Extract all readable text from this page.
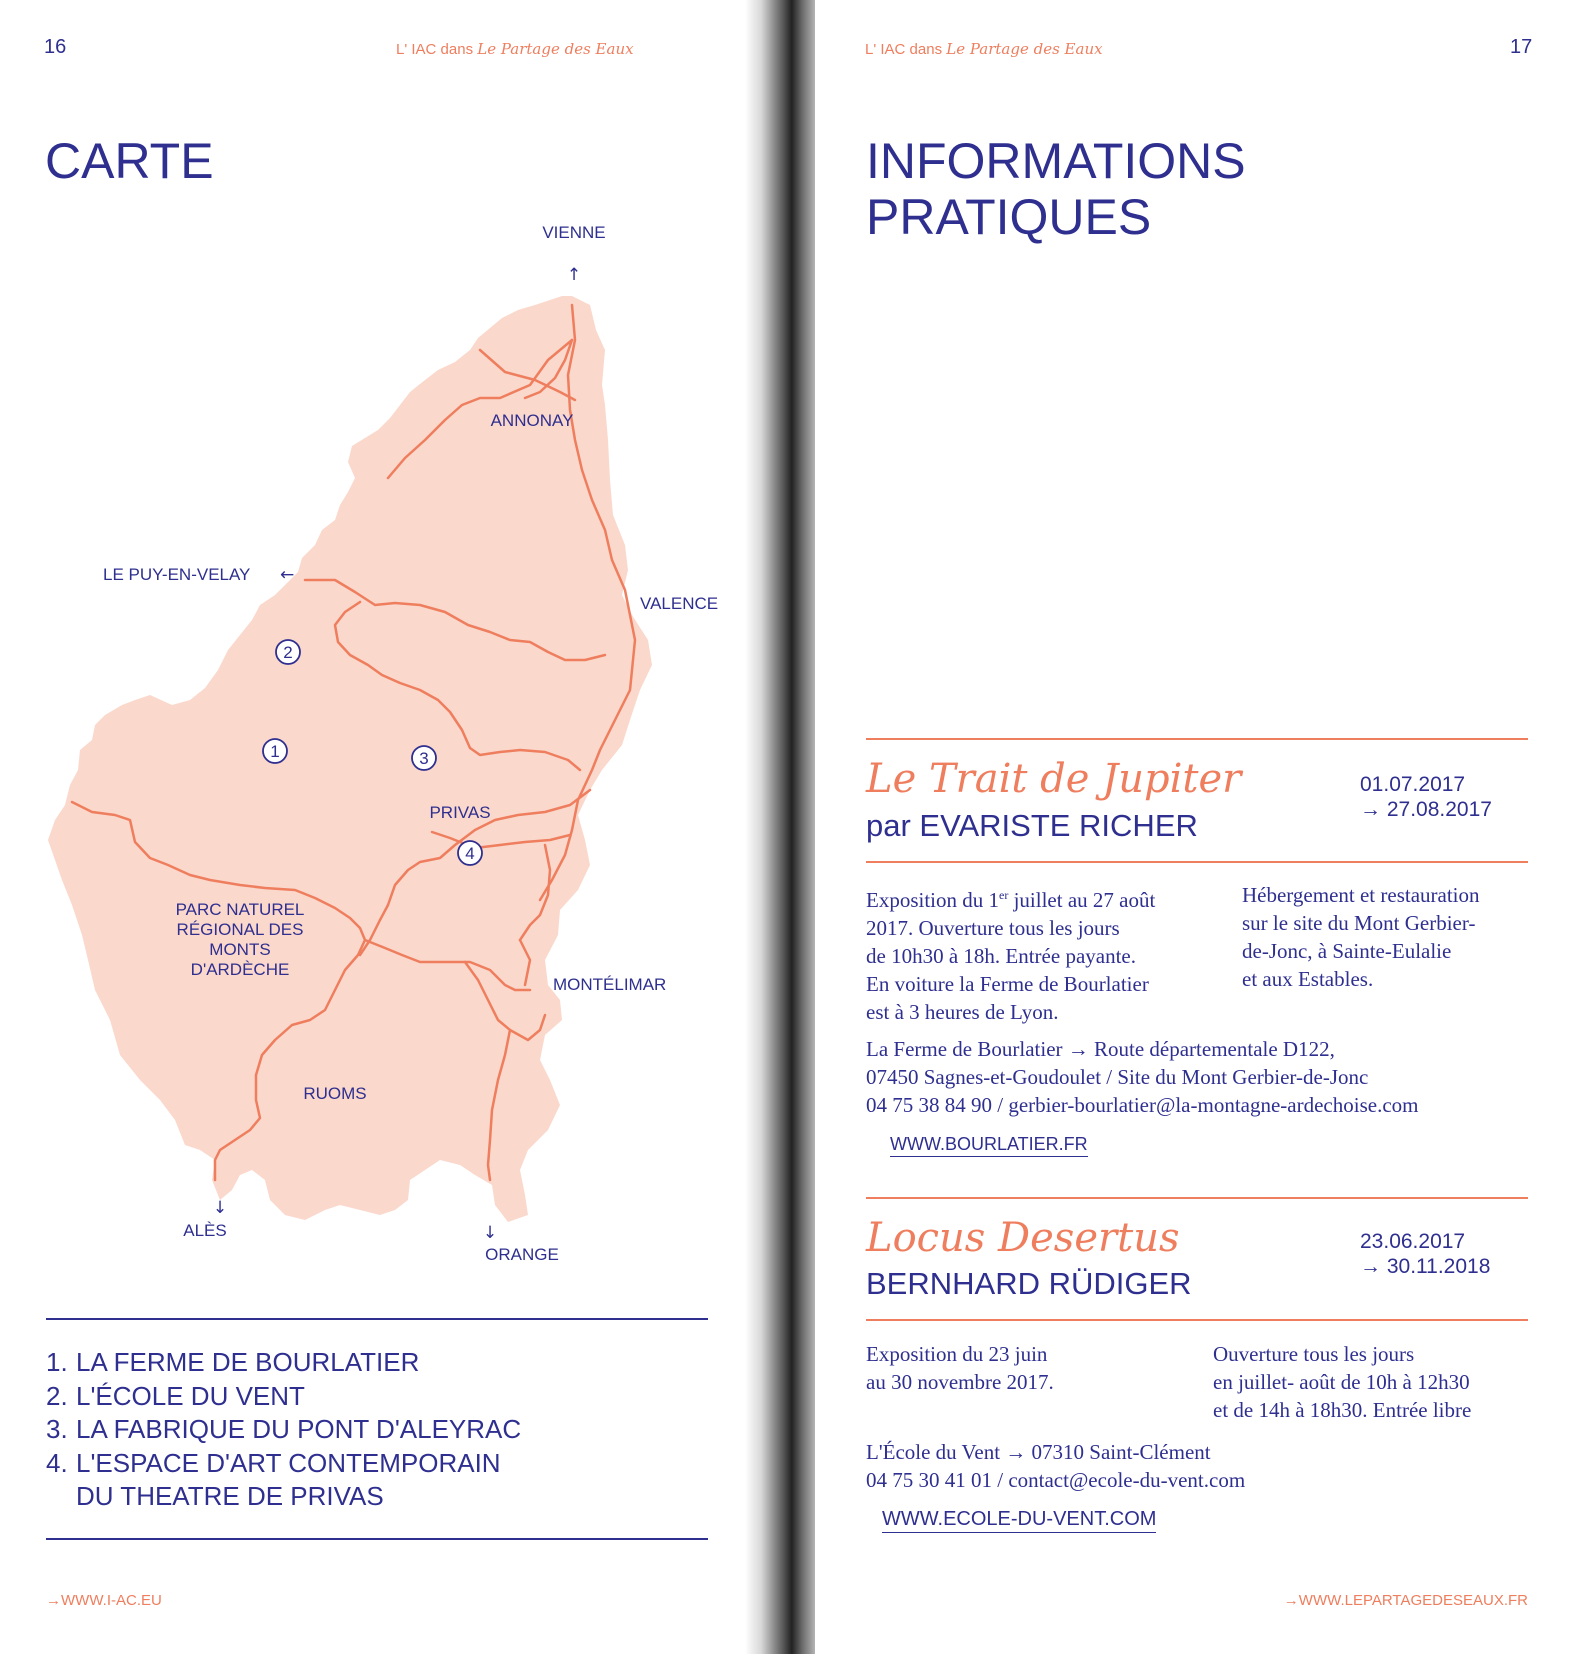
16	L' IAC dans Le Partage des Eaux
CARTE
1
2
3
4
VIENNE
↑
ANNONAY
LE PUY-EN-VELAY ←
VALENCE
PRIVAS
PARC NATUREL
RÉGIONAL DES
MONTS
D'ARDÈCHE
MONTÉLIMAR
RUOMS
↓
ALÈS	↓
ORANGE
1. LA FERME DE BOURLATIER
2. L'ÉCOLE DU VENT
3. LA FABRIQUE DU PONT D'ALEYRAC
4. L'ESPACE D'ART CONTEMPORAIN
DU THEATRE DE PRIVAS
→WWW.I-AC.EU
L' IAC dans Le Partage des Eaux	17
INFORMATIONS
PRATIQUES
Le Trait de Jupiter
par EVARISTE RICHER
01.07.2017
→ 27.08.2017
Exposition du 1er juillet au 27 août
2017. Ouverture tous les jours
de 10h30 à 18h. Entrée payante.
En voiture la Ferme de Bourlatier
est à 3 heures de Lyon.
Hébergement et restauration
sur le site du Mont Gerbier-
de-Jonc, à Sainte-Eulalie
et aux Estables.
La Ferme de Bourlatier → Route départementale D122,
07450 Sagnes-et-Goudoulet / Site du Mont Gerbier-de-Jonc
04 75 38 84 90 / gerbier-bourlatier@la-montagne-ardechoise.com
WWW.BOURLATIER.FR
Locus Desertus
BERNHARD RÜDIGER
23.06.2017
→ 30.11.2018
Exposition du 23 juin
au 30 novembre 2017.
Ouverture tous les jours
en juillet- août de 10h à 12h30
et de 14h à 18h30. Entrée libre
L'École du Vent → 07310 Saint-Clément
04 75 30 41 01 / contact@ecole-du-vent.com
WWW.ECOLE-DU-VENT.COM
→WWW.LEPARTAGEDESEAUX.FR
